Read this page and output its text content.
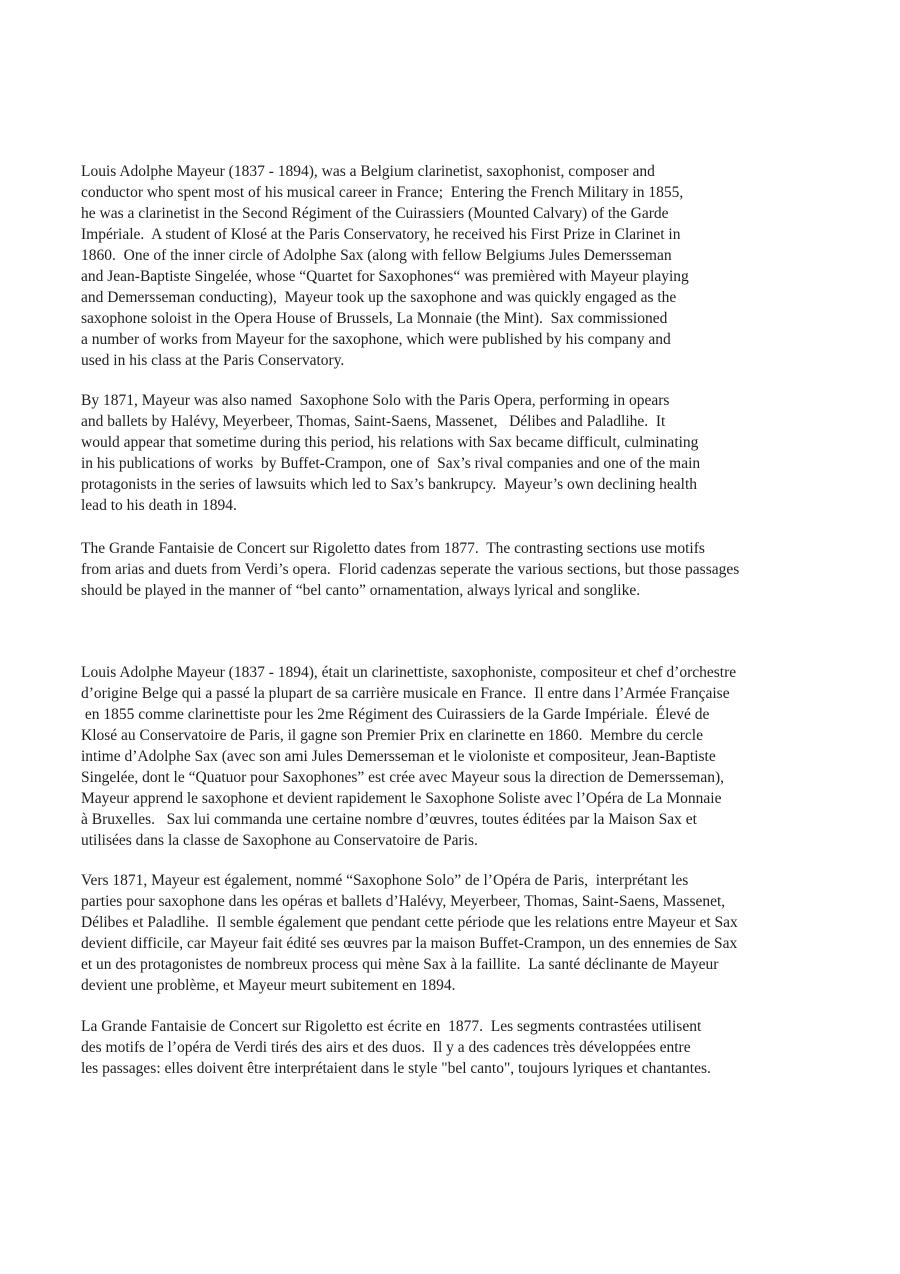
Louis Adolphe Mayeur (1837 - 1894), was a Belgium clarinetist, saxophonist, composer and
conductor who spent most of his musical career in France;  Entering the French Military in 1855,
he was a clarinetist in the Second Régiment of the Cuirassiers (Mounted Calvary) of the Garde
Impériale.  A student of Klosé at the Paris Conservatory, he received his First Prize in Clarinet in
1860.  One of the inner circle of Adolphe Sax (along with fellow Belgiums Jules Demersseman
and Jean-Baptiste Singelée, whose “Quartet for Saxophones“ was premièred with Mayeur playing
and Demersseman conducting),  Mayeur took up the saxophone and was quickly engaged as the
saxophone soloist in the Opera House of Brussels, La Monnaie (the Mint).  Sax commissioned
a number of works from Mayeur for the saxophone, which were published by his company and
used in his class at the Paris Conservatory.
By 1871, Mayeur was also named  Saxophone Solo with the Paris Opera, performing in opears
and ballets by Halévy, Meyerbeer, Thomas, Saint-Saens, Massenet,   Délibes and Paladlihe.  It
would appear that sometime during this period, his relations with Sax became difficult, culminating
in his publications of works  by Buffet-Crampon, one of  Sax’s rival companies and one of the main
protagonists in the series of lawsuits which led to Sax’s bankrupcy.  Mayeur’s own declining health
lead to his death in 1894.
The Grande Fantaisie de Concert sur Rigoletto dates from 1877.  The contrasting sections use motifs
from arias and duets from Verdi’s opera.  Florid cadenzas seperate the various sections, but those passages
should be played in the manner of “bel canto” ornamentation, always lyrical and songlike.
Louis Adolphe Mayeur (1837 - 1894), était un clarinettiste, saxophoniste, compositeur et chef d’orchestre
d’origine Belge qui a passé la plupart de sa carrière musicale en France.  Il entre dans l’Armée Française
en 1855 comme clarinettiste pour les 2me Régiment des Cuirassiers de la Garde Impériale.  Élevé de
Klosé au Conservatoire de Paris, il gagne son Premier Prix en clarinette en 1860.  Membre du cercle
intime d’Adolphe Sax (avec son ami Jules Demersseman et le violoniste et compositeur, Jean-Baptiste
Singelée, dont le “Quatuor pour Saxophones” est crée avec Mayeur sous la direction de Demersseman),
Mayeur apprend le saxophone et devient rapidement le Saxophone Soliste avec l’Opéra de La Monnaie
à Bruxelles.   Sax lui commanda une certaine nombre d’œuvres, toutes éditées par la Maison Sax et
utilisées dans la classe de Saxophone au Conservatoire de Paris.
Vers 1871, Mayeur est également, nommé “Saxophone Solo” de l’Opéra de Paris,  interprétant les
parties pour saxophone dans les opéras et ballets d’Halévy, Meyerbeer, Thomas, Saint-Saens, Massenet,
Délibes et Paladlihe.  Il semble également que pendant cette période que les relations entre Mayeur et Sax
devient difficile, car Mayeur fait édité ses œuvres par la maison Buffet-Crampon, un des ennemies de Sax
et un des protagonistes de nombreux process qui mène Sax à la faillite.  La santé déclinante de Mayeur
devient une problème, et Mayeur meurt subitement en 1894.
La Grande Fantaisie de Concert sur Rigoletto est écrite en  1877.  Les segments contrastées utilisent
des motifs de l’opéra de Verdi tirés des airs et des duos.  Il y a des cadences très développées entre
les passages: elles doivent être interprétaient dans le style "bel canto", toujours lyriques et chantantes.
